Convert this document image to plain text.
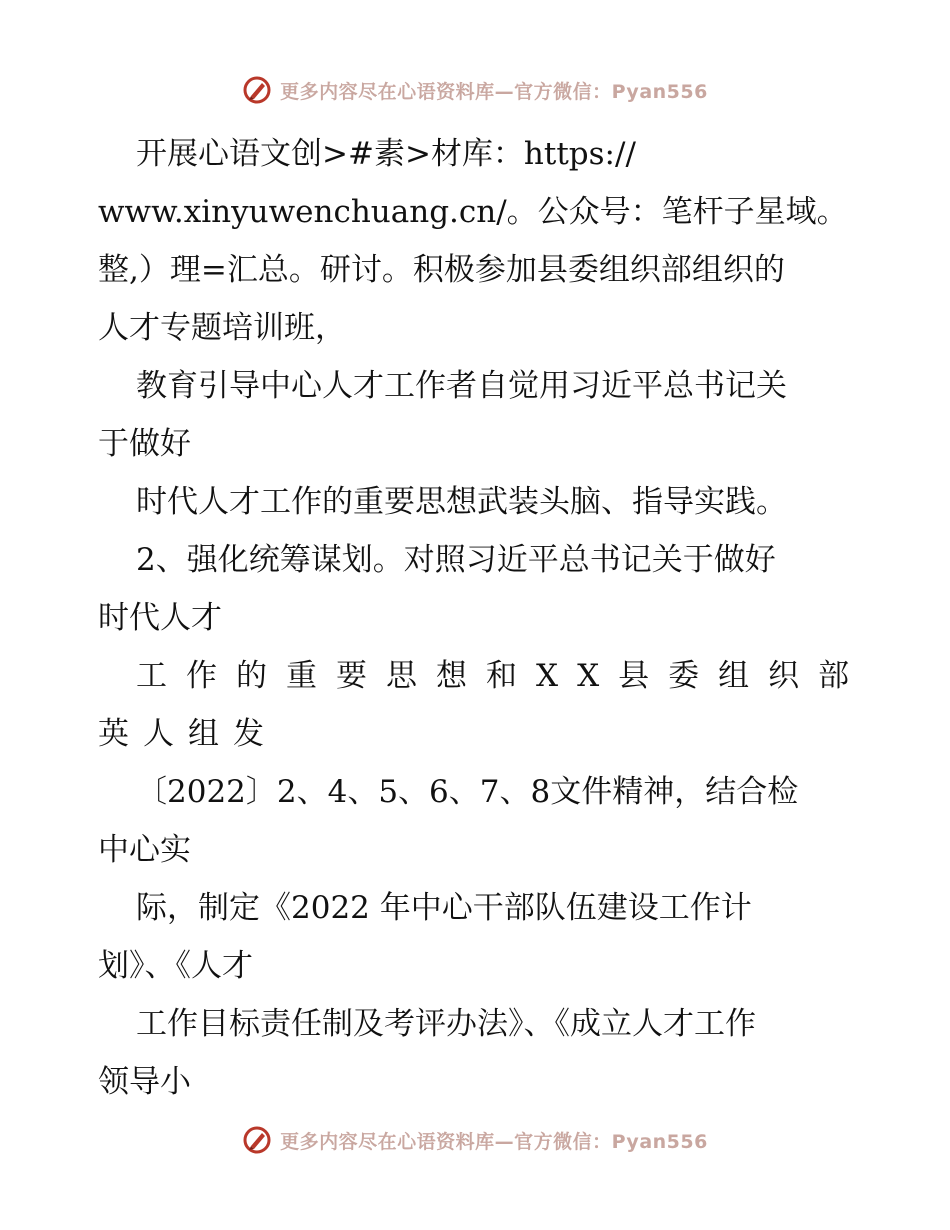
更多内容尽在心语资料库—官方微信：Pyan556
开展心语文创>#素>材库：https://
www.xinyuwenchuang.cn/。公众号：笔杆子星域。
整,）理=汇总。研讨。积极参加县委组织部组织的
人才专题培训班，
教育引导中心人才工作者自觉用习近平总书记关
于做好
时代人才工作的重要思想武装头脑、指导实践。
2、强化统筹谋划。对照习近平总书记关于做好
时代人才
工作的重要思想和XX县委组织部
英人组发
〔2022〕2、4、5、6、7、8文件精神，结合检
中心实
际，制定《2022 年中心干部队伍建设工作计
划》、《人才
工作目标责任制及考评办法》、《成立人才工作
领导小
更多内容尽在心语资料库—官方微信：Pyan556
